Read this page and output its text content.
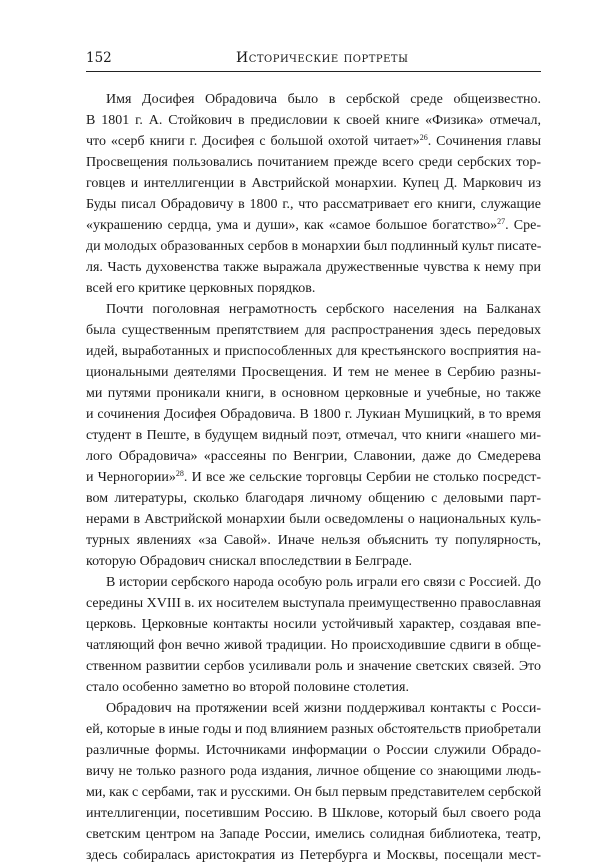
152	Исторические портреты
Имя Досифея Обрадовича было в сербской среде общеизвестно.
В 1801 г. А. Стойкович в предисловии к своей книге «Физика» отмечал,
что «серб книги г. Досифея с большой охотой читает»$^{26}$. Сочинения главы
Просвещения пользовались почитанием прежде всего среди сербских тор-
говцев и интеллигенции в Австрийской монархии. Купец Д. Маркович из
Буды писал Обрадовичу в 1800 г., что рассматривает его книги, служащие
«украшению сердца, ума и души», как «самое большое богатство»$^{27}$. Сре-
ди молодых образованных сербов в монархии был подлинный культ писате-
ля. Часть духовенства также выражала дружественные чувства к нему при
всей его критике церковных порядков.
Почти поголовная неграмотность сербского населения на Балканах
была существенным препятствием для распространения здесь передовых
идей, выработанных и приспособленных для крестьянского восприятия на-
циональными деятелями Просвещения. И тем не менее в Сербию разны-
ми путями проникали книги, в основном церковные и учебные, но также
и сочинения Досифея Обрадовича. В 1800 г. Лукиан Мушицкий, в то время
студент в Пеште, в будущем видный поэт, отмечал, что книги «нашего ми-
лого Обрадовича» «рассеяны по Венгрии, Славонии, даже до Смедерева
и Черногории»$^{28}$. И все же сельские торговцы Сербии не столько посредст-
вом литературы, сколько благодаря личному общению с деловыми парт-
нерами в Австрийской монархии были осведомлены о национальных куль-
турных явлениях «за Савой». Иначе нельзя объяснить ту популярность,
которую Обрадович снискал впоследствии в Белграде.
В истории сербского народа особую роль играли его связи с Россией. До
середины XVIII в. их носителем выступала преимущественно православная
церковь. Церковные контакты носили устойчивый характер, создавая впе-
чатляющий фон вечно живой традиции. Но происходившие сдвиги в обще-
ственном развитии сербов усиливали роль и значение светских связей. Это
стало особенно заметно во второй половине столетия.
Обрадович на протяжении всей жизни поддерживал контакты с Росси-
ей, которые в иные годы и под влиянием разных обстоятельств приобретали
различные формы. Источниками информации о России служили Обрадо-
вичу не только разного рода издания, личное общение со знающими людь-
ми, как с сербами, так и русскими. Он был первым представителем сербской
интеллигенции, посетившим Россию. В Шклове, который был своего рода
светским центром на Западе России, имелись солидная библиотека, театр,
здесь собиралась аристократия из Петербурга и Москвы, посещали мест-
